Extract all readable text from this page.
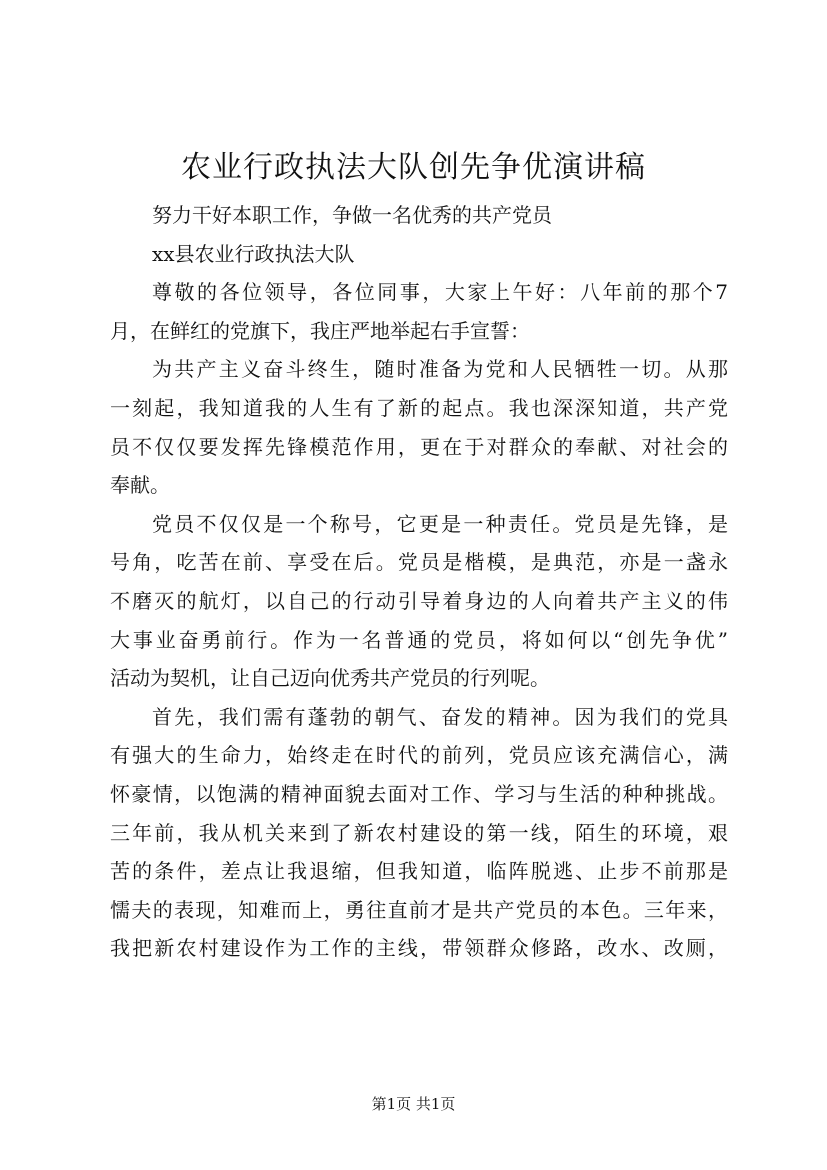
农业行政执法大队创先争优演讲稿
努力干好本职工作，争做一名优秀的共产党员
xx县农业行政执法大队
尊敬的各位领导，各位同事，大家上午好：八年前的那个7
月，在鲜红的党旗下，我庄严地举起右手宣誓：
为共产主义奋斗终生，随时准备为党和人民牺牲一切。从那
一刻起，我知道我的人生有了新的起点。我也深深知道，共产党
员不仅仅要发挥先锋模范作用，更在于对群众的奉献、对社会的
奉献。
党员不仅仅是一个称号，它更是一种责任。党员是先锋，是
号角，吃苦在前、享受在后。党员是楷模，是典范，亦是一盏永
不磨灭的航灯，以自己的行动引导着身边的人向着共产主义的伟
大事业奋勇前行。作为一名普通的党员，将如何以“创先争优”
活动为契机，让自己迈向优秀共产党员的行列呢。
首先，我们需有蓬勃的朝气、奋发的精神。因为我们的党具
有强大的生命力，始终走在时代的前列，党员应该充满信心，满
怀豪情，以饱满的精神面貌去面对工作、学习与生活的种种挑战。
三年前，我从机关来到了新农村建设的第一线，陌生的环境，艰
苦的条件，差点让我退缩，但我知道，临阵脱逃、止步不前那是
懦夫的表现，知难而上，勇往直前才是共产党员的本色。三年来，
我把新农村建设作为工作的主线，带领群众修路，改水、改厕，
第1页 共1页
